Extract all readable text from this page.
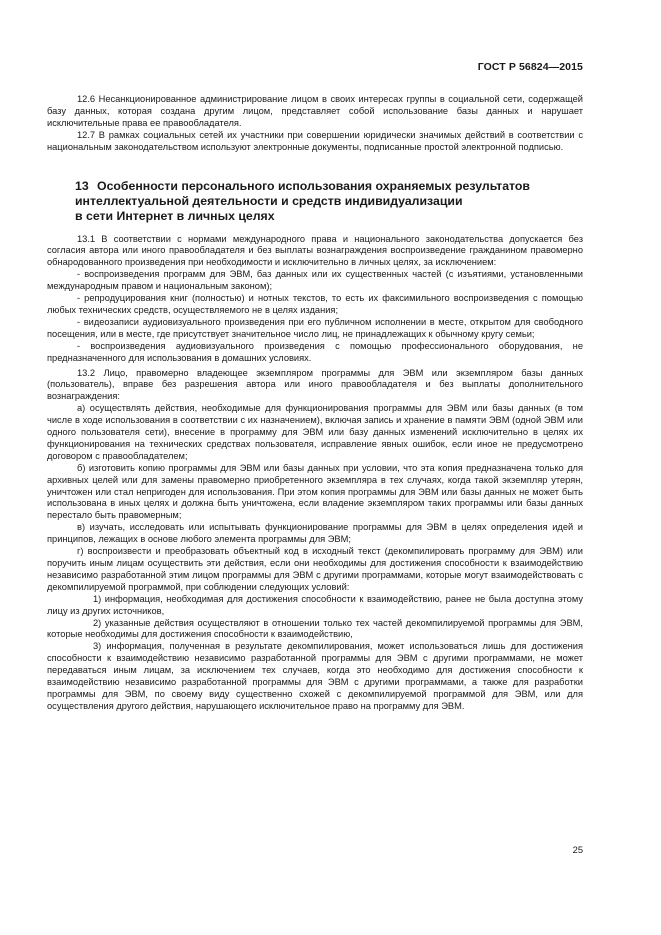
ГОСТ Р 56824—2015

12.6 Несанкционированное администрирование лицом в своих интересах группы в социальной сети, содержащей базу данных, которая создана другим лицом, представляет собой использование базы данных и нарушает исключительные права ее правообладателя.

12.7 В рамках социальных сетей их участники при совершении юридически значимых действий в соответствии с национальным законодательством используют электронные документы, подписанные простой электронной подписью.

13 Особенности персонального использования охраняемых результатов
интеллектуальной деятельности и средств индивидуализации
в сети Интернет в личных целях

13.1 В соответствии с нормами международного права и национального законодательства допускается без согласия автора или иного правообладателя и без выплаты вознаграждения воспроизведение гражданином правомерно обнародованного произведения при необходимости и исключительно в личных целях, за исключением:

- воспроизведения программ для ЭВМ, баз данных или их существенных частей (с изъятиями, установленными международным правом и национальным законом);

- репродуцирования книг (полностью) и нотных текстов, то есть их факсимильного воспроизведения с помощью любых технических средств, осуществляемого не в целях издания;

- видеозаписи аудиовизуального произведения при его публичном исполнении в месте, открытом для свободного посещения, или в месте, где присутствует значительное число лиц, не принадлежащих к обычному кругу семьи;

- воспроизведения аудиовизуального произведения с помощью профессионального оборудования, не предназначенного для использования в домашних условиях.

13.2 Лицо, правомерно владеющее экземпляром программы для ЭВМ или экземпляром базы данных (пользователь), вправе без разрешения автора или иного правообладателя и без выплаты дополнительного вознаграждения:

а) осуществлять действия, необходимые для функционирования программы для ЭВМ или базы данных (в том числе в ходе использования в соответствии с их назначением), включая запись и хранение в памяти ЭВМ (одной ЭВМ или одного пользователя сети), внесение в программу для ЭВМ или базу данных изменений исключительно в целях их функционирования на технических средствах пользователя, исправление явных ошибок, если иное не предусмотрено договором с правообладателем;

б) изготовить копию программы для ЭВМ или базы данных при условии, что эта копия предназначена только для архивных целей или для замены правомерно приобретенного экземпляра в тех случаях, когда такой экземпляр утерян, уничтожен или стал непригоден для использования. При этом копия программы для ЭВМ или базы данных не может быть использована в иных целях и должна быть уничтожена, если владение экземпляром таких программы или базы данных перестало быть правомерным;

в) изучать, исследовать или испытывать функционирование программы для ЭВМ в целях определения идей и принципов, лежащих в основе любого элемента программы для ЭВМ;

г) воспроизвести и преобразовать объектный код в исходный текст (декомпилировать программу для ЭВМ) или поручить иным лицам осуществить эти действия, если они необходимы для достижения способности к взаимодействию независимо разработанной этим лицом программы для ЭВМ с другими программами, которые могут взаимодействовать с декомпилируемой программой, при соблюдении следующих условий:

1) информация, необходимая для достижения способности к взаимодействию, ранее не была доступна этому лицу из других источников,

2) указанные действия осуществляют в отношении только тех частей декомпилируемой программы для ЭВМ, которые необходимы для достижения способности к взаимодействию,

3) информация, полученная в результате декомпилирования, может использоваться лишь для достижения способности к взаимодействию независимо разработанной программы для ЭВМ с другими программами, не может передаваться иным лицам, за исключением тех случаев, когда это необходимо для достижения способности к взаимодействию независимо разработанной программы для ЭВМ с другими программами, а также для разработки программы для ЭВМ, по своему виду существенно схожей с декомпилируемой программой для ЭВМ, или для осуществления другого действия, нарушающего исключительное право на программу для ЭВМ.

25
